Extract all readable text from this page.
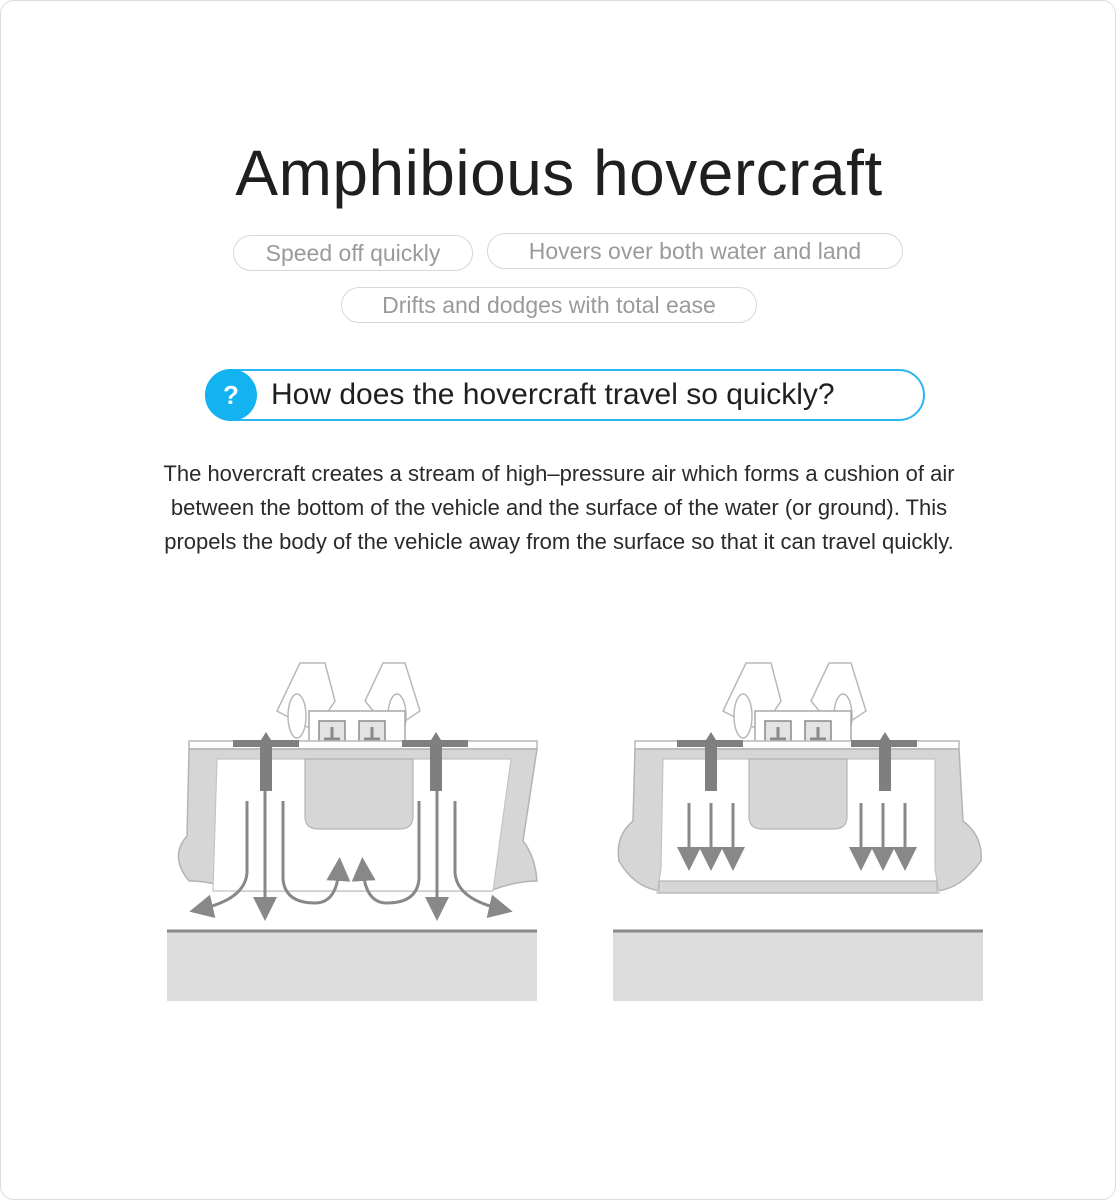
Amphibious hovercraft
Speed off quickly	Hovers over both water and land
Drifts and dodges with total ease
?	How does the hovercraft travel so quickly?
The hovercraft creates a stream of high–pressure air which forms a cushion of air between the bottom of the vehicle and the surface of the water (or ground). This propels the body of the vehicle away from the surface so that it can travel quickly.
